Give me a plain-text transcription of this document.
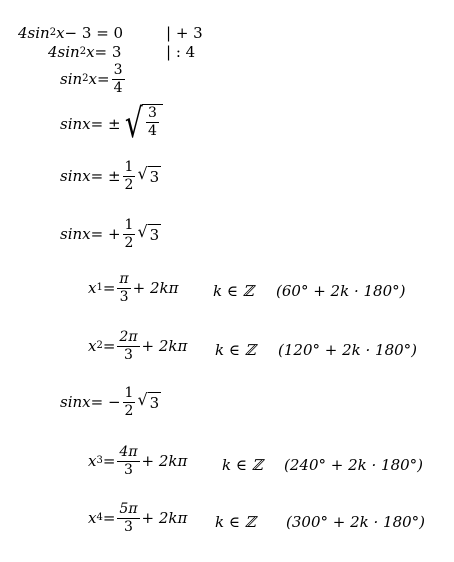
4sin 2 x − 3 = 0	| + 3
4sin 2 x = 3	| : 4
sin 2 $x = \frac{3}{4}$
sinx = ± √ $\frac{3}{4}$
sinx = ± $\frac{1}{2}$ √ 3
sinx = + $\frac{1}{2}$ √ 3
x $1 = \frac{\pi}{3} + 2k\pi$ k ∈ ℤ (60° + 2k · 180°)
x $2 = \frac{2\pi}{3} + 2k\pi$ k ∈ ℤ (120° + 2k · 180°)
sinx = − $\frac{1}{2}$ √ 3
x $3 = \frac{4\pi}{3} + 2k\pi$ k ∈ ℤ (240° + 2k · 180°)
x $4 = \frac{5\pi}{3} + 2k\pi$ k ∈ ℤ (300° + 2k · 180°)
